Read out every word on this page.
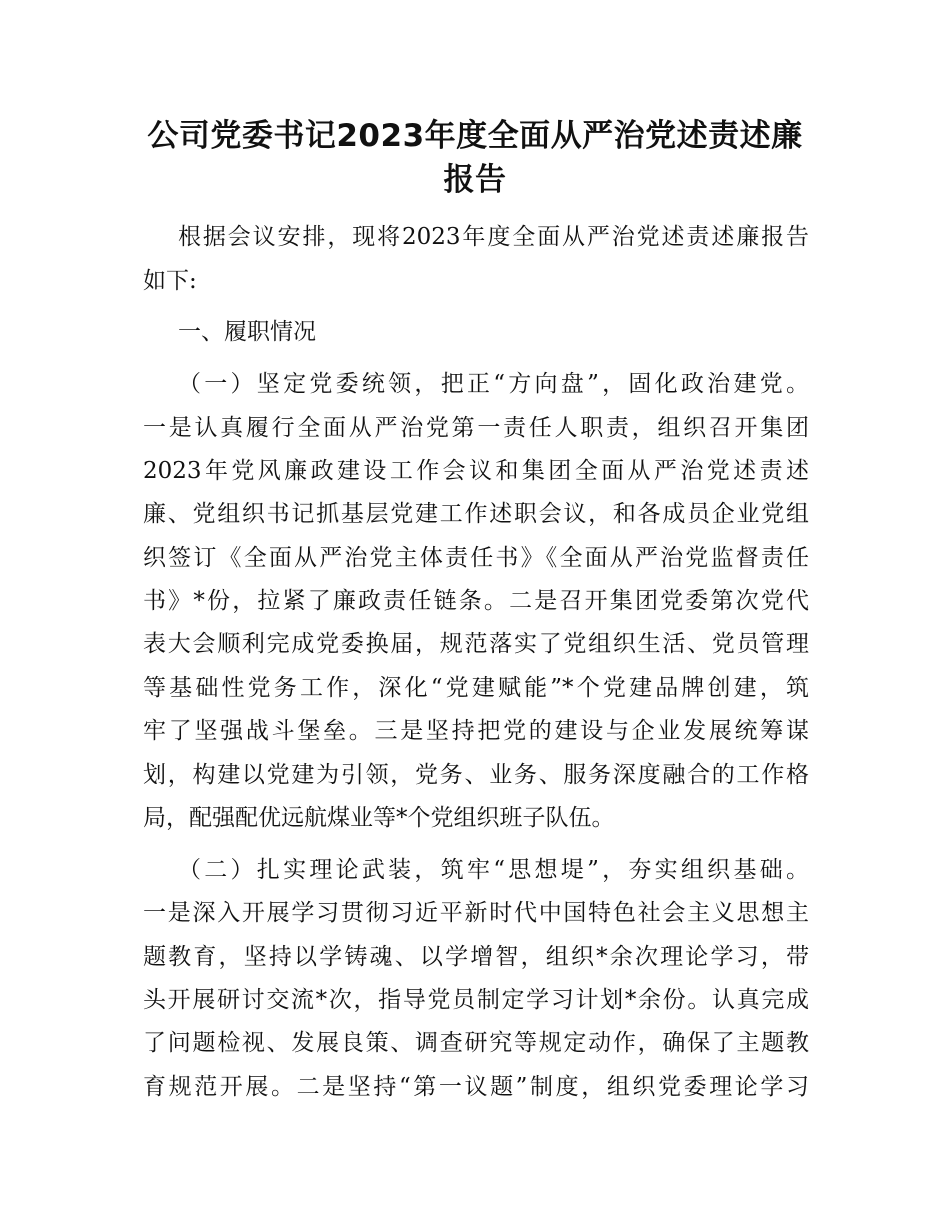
公司党委书记2023年度全面从严治党述责述廉
报告

根据会议安排，现将2023年度全面从严治党述责述廉报告

如下:

一、履职情况

（一）坚定党委统领，把正“方向盘”，固化政治建党。

一是认真履行全面从严治党第一责任人职责，组织召开集团

2023年党风廉政建设工作会议和集团全面从严治党述责述

廉、党组织书记抓基层党建工作述职会议，和各成员企业党组

织签订《全面从严治党主体责任书》《全面从严治党监督责任

书》*份，拉紧了廉政责任链条。二是召开集团党委第次党代

表大会顺利完成党委换届，规范落实了党组织生活、党员管理

等基础性党务工作，深化“党建赋能”*个党建品牌创建，筑

牢了坚强战斗堡垒。三是坚持把党的建设与企业发展统筹谋

划，构建以党建为引领，党务、业务、服务深度融合的工作格

局，配强配优远航煤业等*个党组织班子队伍。

（二）扎实理论武装，筑牢“思想堤”，夯实组织基础。

一是深入开展学习贯彻习近平新时代中国特色社会主义思想主

题教育，坚持以学铸魂、以学增智，组织*余次理论学习，带

头开展研讨交流*次，指导党员制定学习计划*余份。认真完成

了问题检视、发展良策、调查研究等规定动作，确保了主题教

育规范开展。二是坚持“第一议题”制度，组织党委理论学习
